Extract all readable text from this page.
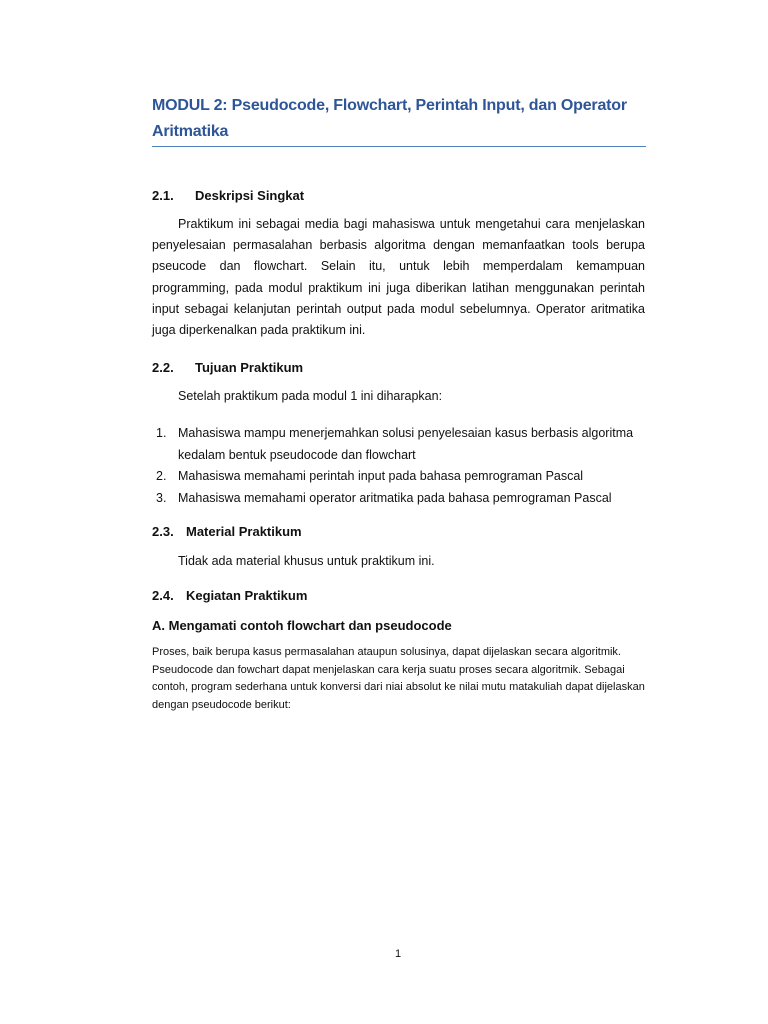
MODUL 2: Pseudocode, Flowchart, Perintah Input, dan Operator Aritmatika
2.1. Deskripsi Singkat
Praktikum ini sebagai media bagi mahasiswa untuk mengetahui cara menjelaskan penyelesaian permasalahan berbasis algoritma dengan memanfaatkan tools berupa pseucode dan flowchart. Selain itu, untuk lebih memperdalam kemampuan programming, pada modul praktikum ini juga diberikan latihan menggunakan perintah input sebagai kelanjutan perintah output pada modul sebelumnya. Operator aritmatika juga diperkenalkan pada praktikum ini.
2.2. Tujuan Praktikum
Setelah praktikum pada modul 1 ini diharapkan:
1. Mahasiswa mampu menerjemahkan solusi penyelesaian kasus berbasis algoritma kedalam bentuk pseudocode dan flowchart
2. Mahasiswa memahami perintah input pada bahasa pemrograman Pascal
3. Mahasiswa memahami operator aritmatika pada bahasa pemrograman Pascal
2.3. Material Praktikum
Tidak ada material khusus untuk praktikum ini.
2.4. Kegiatan Praktikum
A. Mengamati contoh flowchart dan pseudocode
Proses, baik berupa kasus permasalahan ataupun solusinya, dapat dijelaskan secara algoritmik. Pseudocode dan fowchart dapat menjelaskan cara kerja suatu proses secara algoritmik. Sebagai contoh, program sederhana untuk konversi dari niai absolut ke nilai mutu matakuliah dapat dijelaskan dengan pseudocode berikut:
1
